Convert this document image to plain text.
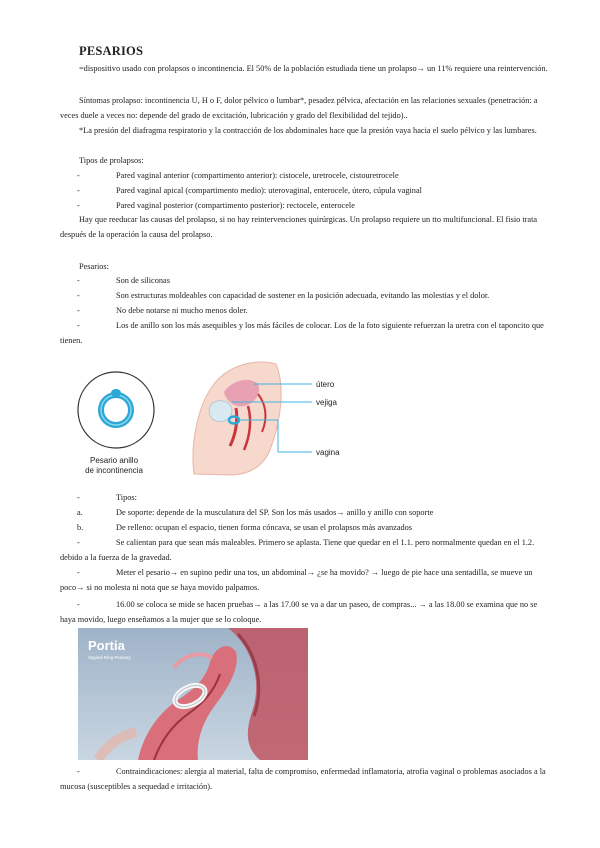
PESARIOS
=dispositivo usado con prolapsos o incontinencia. El 50% de la población estudiada tiene un prolapso→ un 11% requiere una reintervención.
Síntomas prolapso: incontinencia U, H o F, dolor pélvico o lumbar*, pesadez pélvica, afectación en las relaciones sexuales (penetración: a veces duele a veces no: depende del grado de excitación, lubricación y grado del flexibilidad del tejido)..
*La presión del diafragma respiratorio y la contracción de los abdominales hace que la presión vaya hacia el suelo pélvico y las lumbares.
Tipos de prolapsos:
-	Pared vaginal anterior (compartimento anterior): cistocele, uretrocele, cistouretrocele
-	Pared vaginal apical (compartimento medio): uterovaginal, enterocele, útero, cúpula vaginal
-	Pared vaginal posterior (compartimento posterior): rectocele, enterocele
Hay que reeducar las causas del prolapso, si no hay reintervenciones quirúrgicas. Un prolapso requiere un tto multifuncional. El fisio trata después de la operación la causa del prolapso.
Pesarios:
-	Son de siliconas
-	Son estructuras moldeables con capacidad de sostener en la posición adecuada, evitando las molestias y el dolor.
-	No debe notarse ni mucho menos doler.
-	Los de anillo son los más asequibles y los más fáciles de colocar. Los de la foto siguiente refuerzan la uretra con el taponcito que tienen.
Pesario anillo
de incontinencia
útero
vejiga
vagina
-	Tipos:
a.	De soporte: depende de la musculatura del SP. Son los más usados→ anillo y anillo con soporte
b.	De relleno: ocupan el espacio, tienen forma cóncava, se usan el prolapsos más avanzados
-	Se calientan para que sean más maleables. Primero se aplasta. Tiene que quedar en el 1.1. pero normalmente quedan en el 1.2. debido a la fuerza de la gravedad.
-	Meter el pesario→ en supino pedir una tos, un abdominal→ ¿se ha movido? → luego de pie hace una sentadilla, se mueve un poco→ si no molesta ni nota que se haya movido palpamos.
-	16.00 se coloca se mide se hacen pruebas→ a las 17.00 se va a dar un paseo, de compras... → a las 18.00 se examina que no se haya movido, luego enseñamos a la mujer que se lo coloque.
Portia
Vaginal Ring Pessary
-	Contraindicaciones: alergia al material, falta de compromiso, enfermedad inflamatoria, atrofia vaginal o problemas asociados a la mucosa (susceptibles a sequedad e irritación).
